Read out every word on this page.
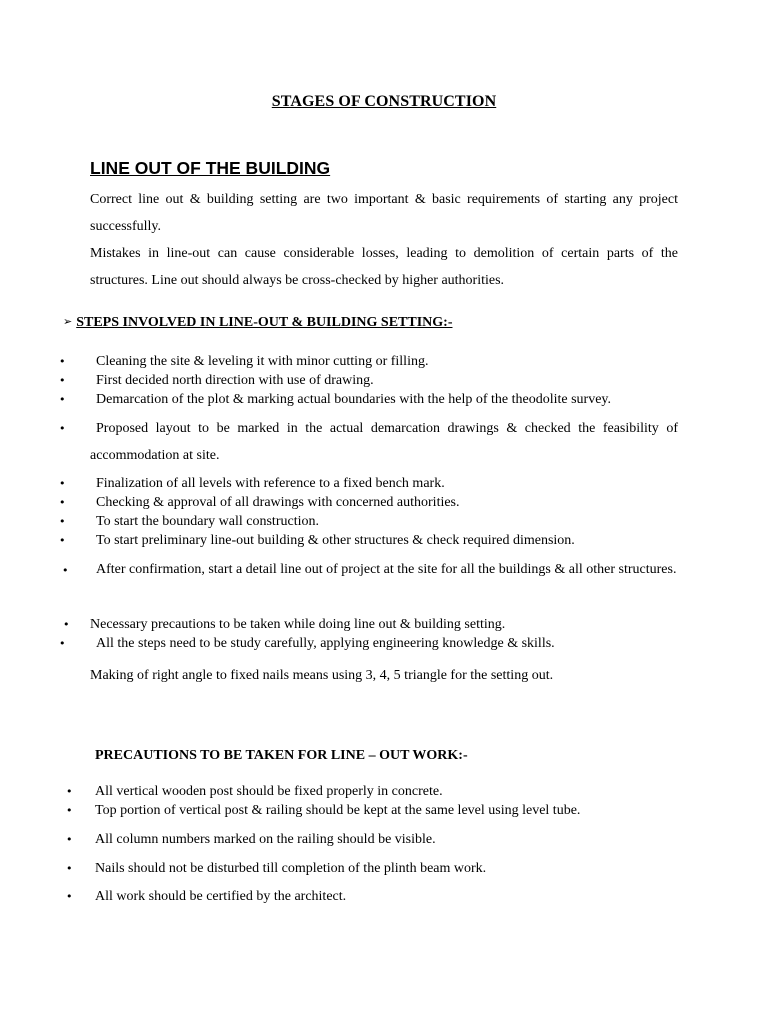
STAGES OF CONSTRUCTION
LINE OUT OF THE BUILDING
Correct line out & building setting are two important & basic requirements of starting any project successfully.
Mistakes in line-out can cause considerable losses, leading to demolition of certain parts of the structures. Line out should always be cross-checked by higher authorities.
➢ STEPS INVOLVED IN LINE-OUT & BUILDING SETTING:-
• Cleaning the site & leveling it with minor cutting or filling.
• First decided north direction with use of drawing.
• Demarcation of the plot & marking actual boundaries with the help of the theodolite survey.
•	Proposed layout to be marked in the actual demarcation drawings & checked the feasibility of accommodation at site.
• Finalization of all levels with reference to a fixed bench mark.
• Checking & approval of all drawings with concerned authorities.
• To start the boundary wall construction.
• To start preliminary line-out building & other structures & check required dimension.
•	After confirmation, start a detail line out of project at the site for all the buildings & all other structures.
• Necessary precautions to be taken while doing line out & building setting.
• All the steps need to be study carefully, applying engineering knowledge & skills.
Making of right angle to fixed nails means using 3, 4, 5 triangle for the setting out.
PRECAUTIONS TO BE TAKEN FOR LINE – OUT WORK:-
• All vertical wooden post should be fixed properly in concrete.
• Top portion of vertical post & railing should be kept at the same level using level tube.
• All column numbers marked on the railing should be visible.
• Nails should not be disturbed till completion of the plinth beam work.
• All work should be certified by the architect.
